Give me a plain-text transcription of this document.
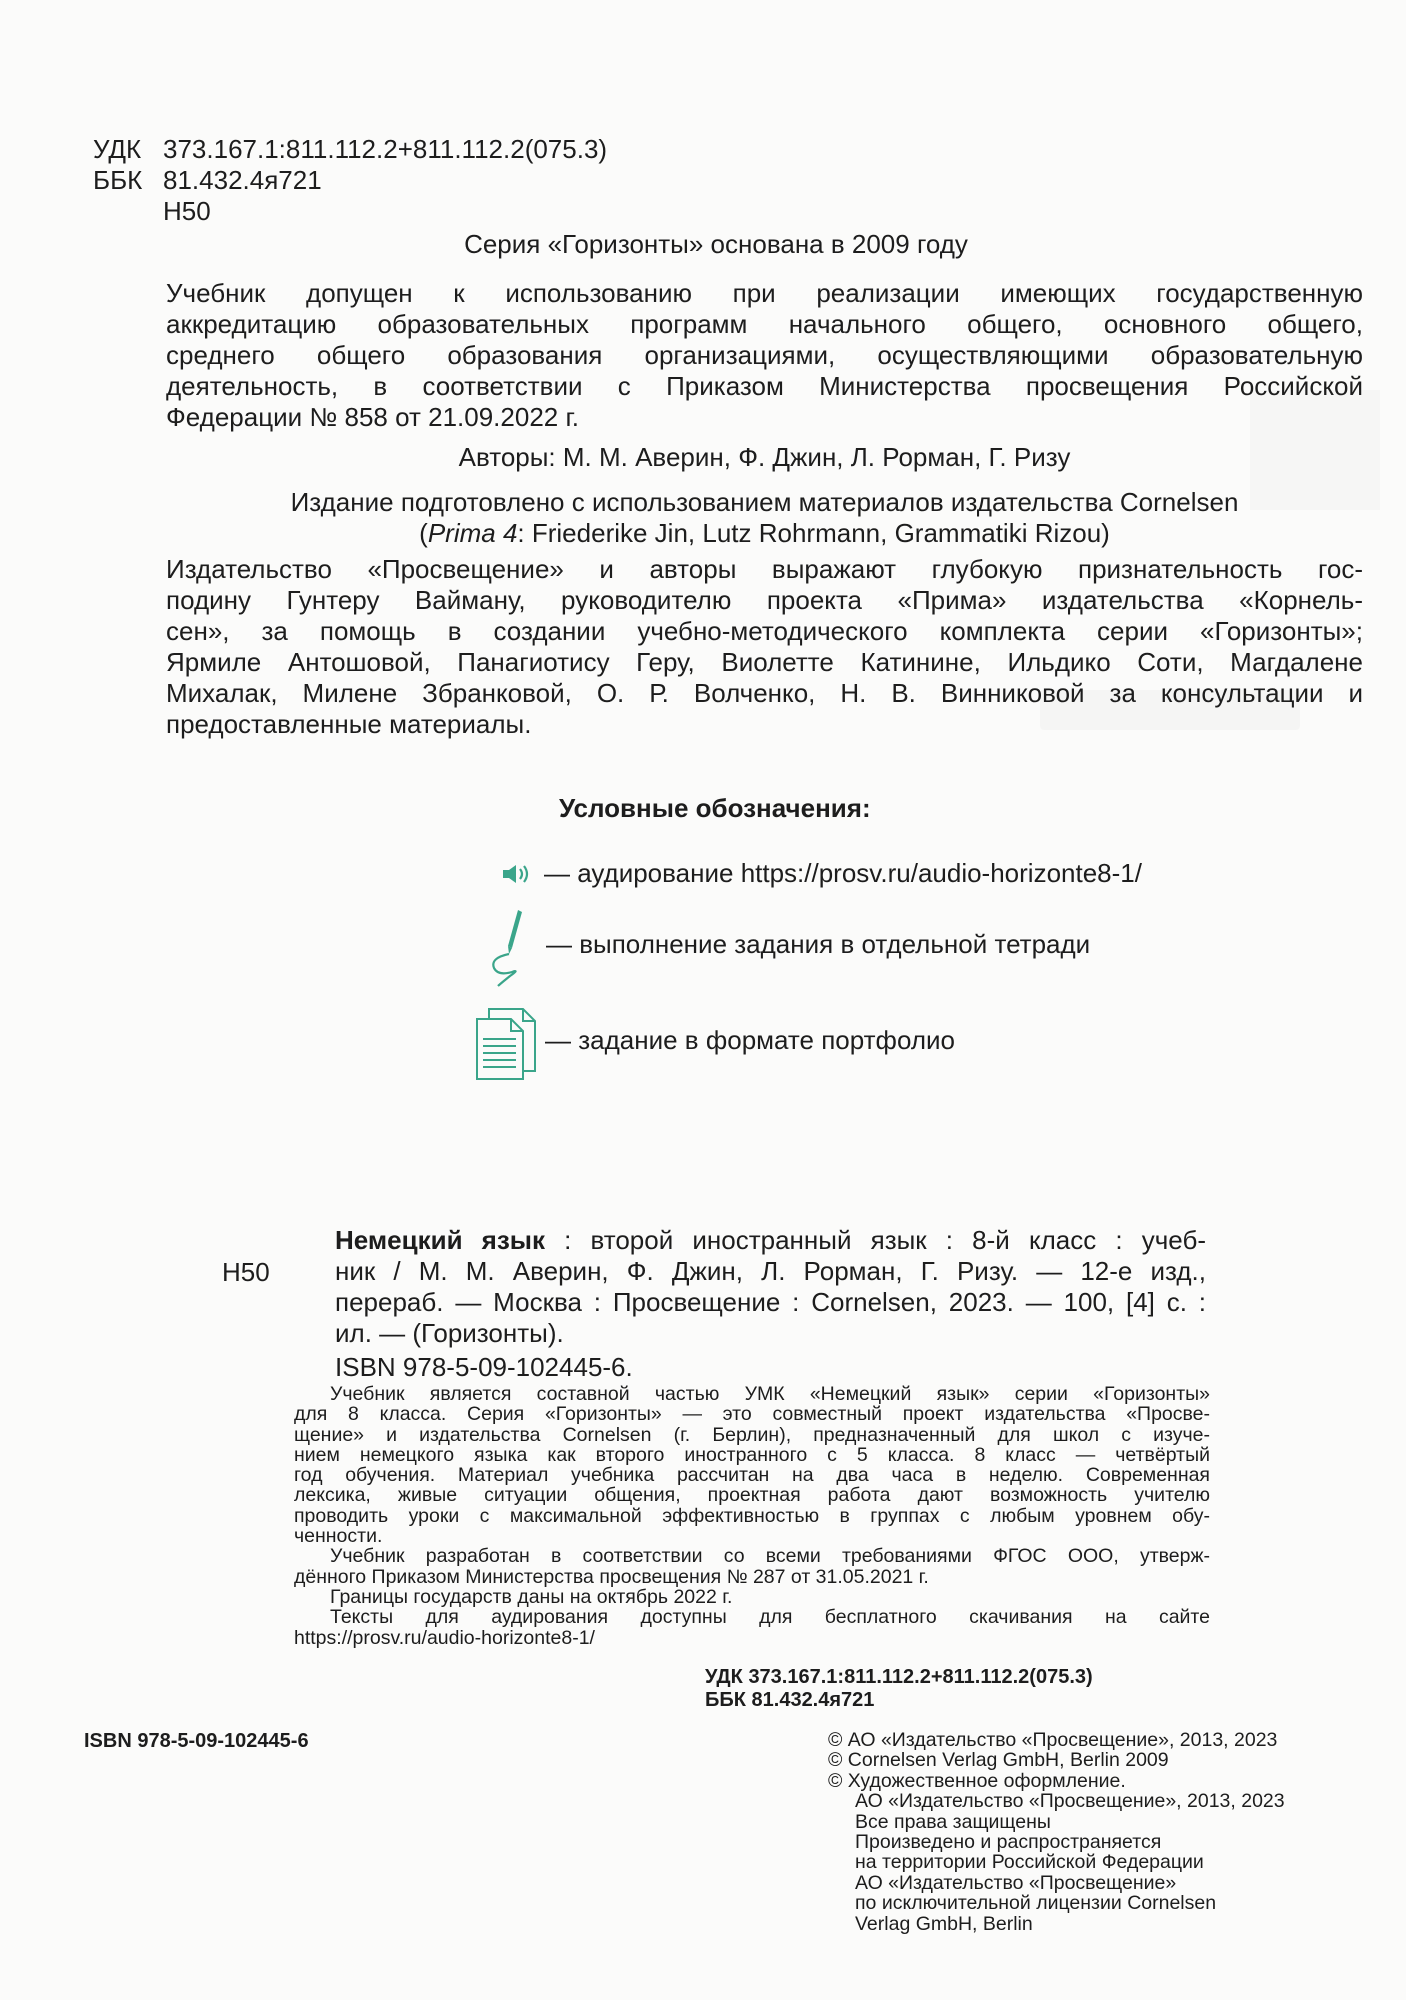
УДК 373.167.1:811.112.2+811.112.2(075.3)
ББК 81.432.4я721
Н50
Серия «Горизонты» основана в 2009 году
Учебник допущен к использованию при реализации имеющих государственную
аккредитацию образовательных программ начального общего, основного общего,
среднего общего образования организациями, осуществляющими образовательную
деятельность, в соответствии с Приказом Министерства просвещения Российской
Федерации № 858 от 21.09.2022 г.
Авторы: М. М. Аверин, Ф. Джин, Л. Рорман, Г. Ризу
Издание подготовлено с использованием материалов издательства Cornelsen
(Prima 4: Friederike Jin, Lutz Rohrmann, Grammatiki Rizou)
Издательство «Просвещение» и авторы выражают глубокую признательность гос-
подину Гунтеру Вайману, руководителю проекта «Прима» издательства «Корнель-
сен», за помощь в создании учебно-методического комплекта серии «Горизонты»;
Ярмиле Антошовой, Панагиотису Геру, Виолетте Катинине, Ильдико Соти, Магдалене
Михалак, Милене Збранковой, О. Р. Волченко, Н. В. Винниковой за консультации и
предоставленные материалы.
Условные обозначения:
— аудирование https://prosv.ru/audio-horizonte8-1/
— выполнение задания в отдельной тетради
— задание в формате портфолио
Н50
Немецкий язык : второй иностранный язык : 8-й класс : учеб-
ник / М. М. Аверин, Ф. Джин, Л. Рорман, Г. Ризу. — 12-е изд.,
перераб. — Москва : Просвещение : Cornelsen, 2023. — 100, [4] с. :
ил. — (Горизонты).
ISBN 978-5-09-102445-6.
Учебник является составной частью УМК «Немецкий язык» серии «Горизонты»
для 8 класса. Серия «Горизонты» — это совместный проект издательства «Просве-
щение» и издательства Cornelsen (г. Берлин), предназначенный для школ с изуче-
нием немецкого языка как второго иностранного с 5 класса. 8 класс — четвёртый
год обучения. Материал учебника рассчитан на два часа в неделю. Современная
лексика, живые ситуации общения, проектная работа дают возможность учителю
проводить уроки с максимальной эффективностью в группах с любым уровнем обу-
ченности.
Учебник разработан в соответствии со всеми требованиями ФГОС ООО, утверж-
дённого Приказом Министерства просвещения № 287 от 31.05.2021 г.
Границы государств даны на октябрь 2022 г.
Тексты для аудирования доступны для бесплатного скачивания на сайте
https://prosv.ru/audio-horizonte8-1/
УДК 373.167.1:811.112.2+811.112.2(075.3)
ББК 81.432.4я721
ISBN 978-5-09-102445-6	© АО «Издательство «Просвещение», 2013, 2023
© Cornelsen Verlag GmbH, Berlin 2009
© Художественное оформление.
АО «Издательство «Просвещение», 2013, 2023
Все права защищены
Произведено и распространяется
на территории Российской Федерации
АО «Издательство «Просвещение»
по исключительной лицензии Cornelsen
Verlag GmbH, Berlin
